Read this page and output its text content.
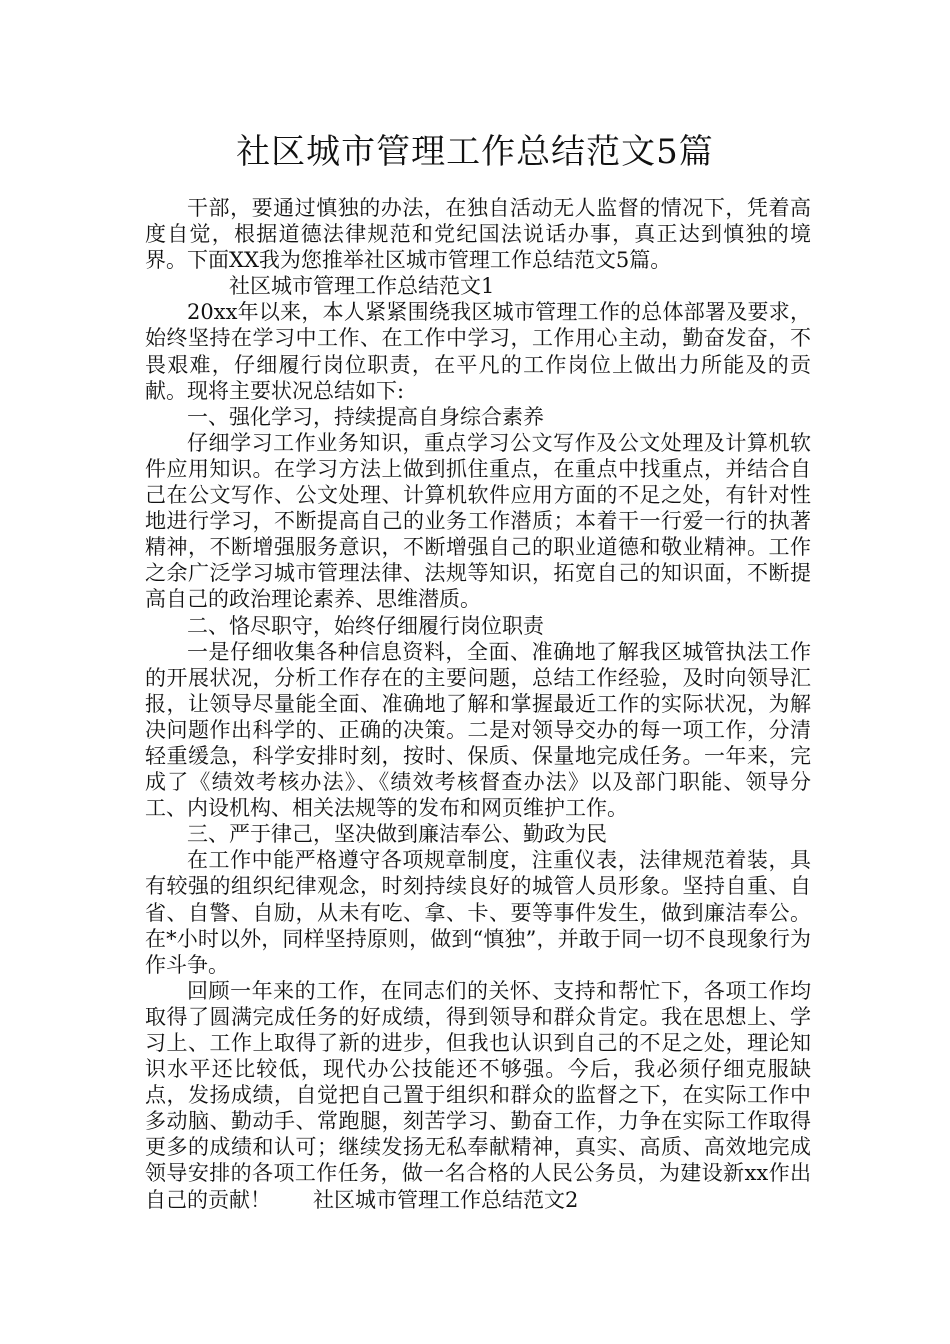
社区城市管理工作总结范文5篇

干部，要通过慎独的办法，在独自活动无人监督的情况下，凭着高度自觉，根据道德法律规范和党纪国法说话办事，真正达到慎独的境界。下面XX我为您推举社区城市管理工作总结范文5篇。

社区城市管理工作总结范文1

20xx年以来，本人紧紧围绕我区城市管理工作的总体部署及要求，始终坚持在学习中工作、在工作中学习，工作用心主动，勤奋发奋，不畏艰难，仔细履行岗位职责，在平凡的工作岗位上做出力所能及的贡献。现将主要状况总结如下:

一、强化学习，持续提高自身综合素养

仔细学习工作业务知识，重点学习公文写作及公文处理及计算机软件应用知识。在学习方法上做到抓住重点，在重点中找重点，并结合自己在公文写作、公文处理、计算机软件应用方面的不足之处，有针对性地进行学习，不断提高自己的业务工作潜质；本着干一行爱一行的执著精神，不断增强服务意识，不断增强自己的职业道德和敬业精神。工作之余广泛学习城市管理法律、法规等知识，拓宽自己的知识面，不断提高自己的政治理论素养、思维潜质。

二、恪尽职守，始终仔细履行岗位职责

一是仔细收集各种信息资料，全面、准确地了解我区城管执法工作的开展状况，分析工作存在的主要问题，总结工作经验，及时向领导汇报，让领导尽量能全面、准确地了解和掌握最近工作的实际状况，为解决问题作出科学的、正确的决策。二是对领导交办的每一项工作，分清轻重缓急，科学安排时刻，按时、保质、保量地完成任务。一年来，完成了《绩效考核办法》、《绩效考核督查办法》以及部门职能、领导分工、内设机构、相关法规等的发布和网页维护工作。

三、严于律己，坚决做到廉洁奉公、勤政为民

在工作中能严格遵守各项规章制度，注重仪表，法律规范着装，具有较强的组织纪律观念，时刻持续良好的城管人员形象。坚持自重、自省、自警、自励，从未有吃、拿、卡、要等事件发生，做到廉洁奉公。在*小时以外，同样坚持原则，做到“慎独”，并敢于同一切不良现象行为作斗争。

回顾一年来的工作，在同志们的关怀、支持和帮忙下，各项工作均取得了圆满完成任务的好成绩，得到领导和群众肯定。我在思想上、学习上、工作上取得了新的进步，但我也认识到自己的不足之处，理论知识水平还比较低，现代办公技能还不够强。今后，我必须仔细克服缺点，发扬成绩，自觉把自己置于组织和群众的监督之下，在实际工作中多动脑、勤动手、常跑腿，刻苦学习、勤奋工作，力争在实际工作取得更多的成绩和认可；继续发扬无私奉献精神，真实、高质、高效地完成领导安排的各项工作任务，做一名合格的人民公务员，为建设新xx作出自己的贡献！　　社区城市管理工作总结范文2
